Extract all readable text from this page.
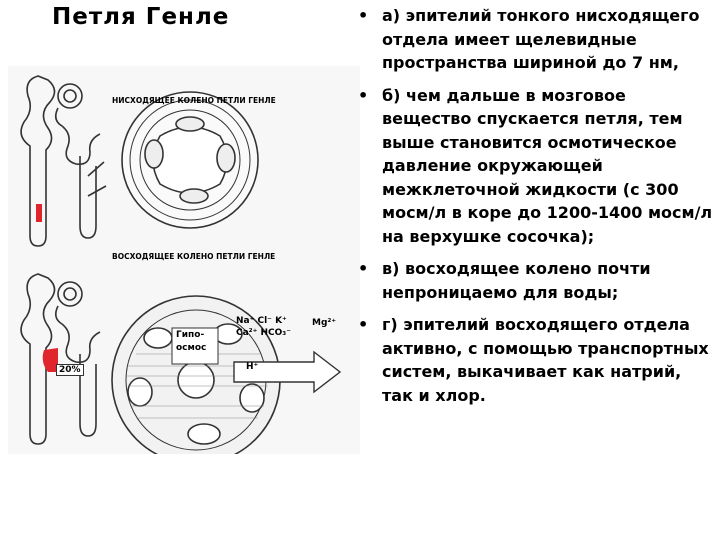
Петля Генле
НИСХОДЯЩЕЕ КОЛЕНО ПЕТЛИ ГЕНЛЕ
ВОСХОДЯЩЕЕ КОЛЕНО ПЕТЛИ ГЕНЛЕ
Гипо-
осмос
Na⁺ Cl⁻ K⁺
Ca²⁺ HCO₃⁻
Mg²⁺
H⁺
20%
• а) эпителий тонкого нисходящего отдела имеет щелевидные пространства шириной до 7 нм,
• б) чем дальше в мозговое вещество спускается петля, тем выше становится осмотическое давление окружающей межклеточной жидкости (с 300 мосм/л в коре до 1200-1400 мосм/л на верхушке сосочка);
• в) восходящее колено почти непроницаемо для воды;
• г) эпителий восходящего отдела активно, с помощью транспортных систем, выкачивает как натрий, так и хлор.
